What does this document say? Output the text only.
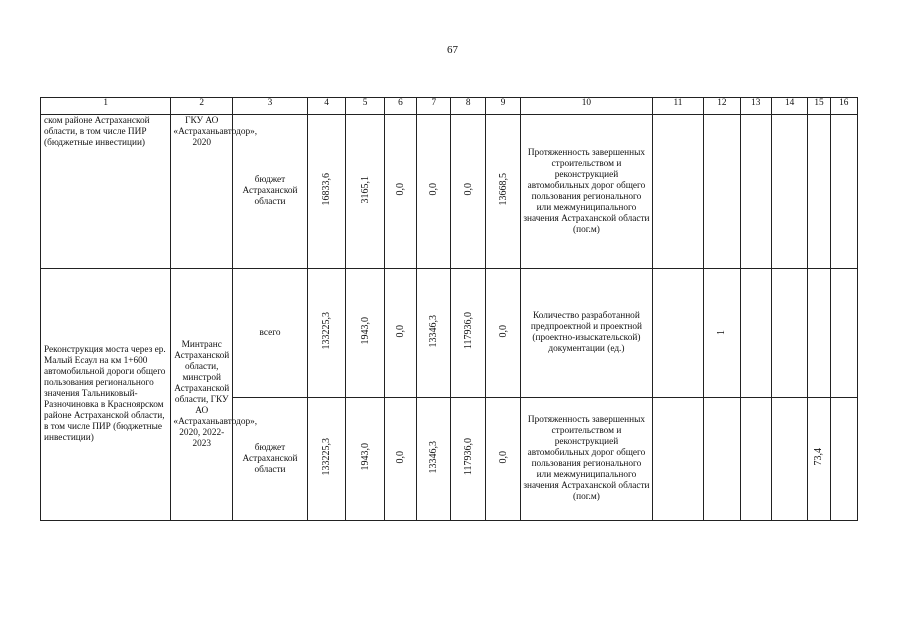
67
1	2	3	4	5	6	7	8	9	10	11	12	13	14	15	16
ском районе Астраханской области, в том числе ПИР (бюджетные инвестиции)	ГКУ АО «Астраханьавтодор», 2020	бюджет Астраханской области	16833,6	3165,1	0,0	0,0	0,0	13668,5	Протяженность завершенных строительством и реконструкцией автомобильных дорог общего пользования регионального или межмуниципального значения Астраханской области (пог.м)						
Реконструкция моста через ер. Малый Есаул на км 1+600 автомобильной дороги общего пользования регионального значения Тальниковый-Разночиновка в Красноярском районе Астраханской области, в том числе ПИР (бюджетные инвестиции)	Минтранс Астраханской области, минстрой Астраханской области, ГКУ АО «Астраханьавтодор», 2020, 2022-2023	всего	133225,3	1943,0	0,0	13346,3	117936,0	0,0	Количество разработанной предпроектной и проектной (проектно-изыскательской) документации (ед.)		1				
		бюджет Астраханской области	133225,3	1943,0	0,0	13346,3	117936,0	0,0	Протяженность завершенных строительством и реконструкцией автомобильных дорог общего пользования регионального или межмуниципального значения Астраханской области (пог.м)					73,4	
